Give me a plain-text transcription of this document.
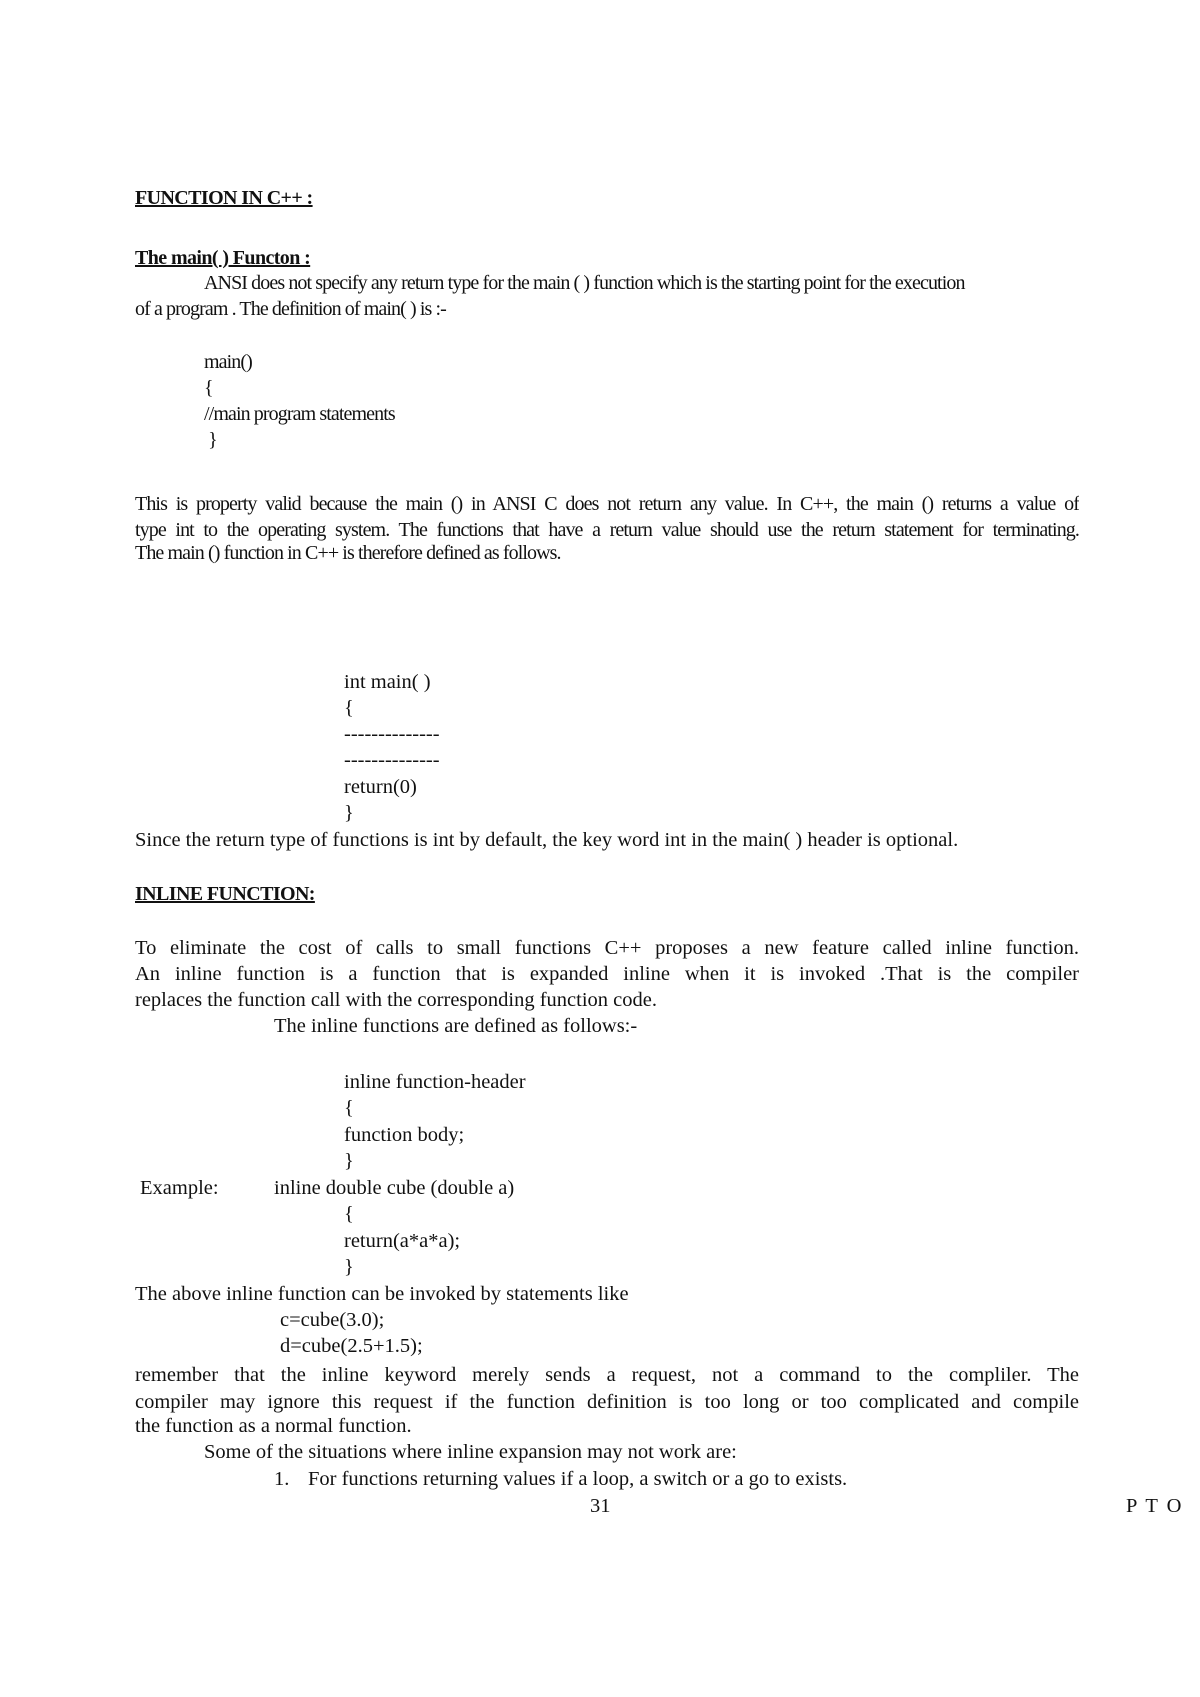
FUNCTION IN C++ :
The main( ) Functon :
ANSI does not specify any return type for the main ( ) function which is the starting point for the execution
of a program . The definition of main( ) is :-
main()
{
//main program statements
}
This is property valid because the main () in ANSI C does not return any value. In C++, the main () returns a value of
type int to the operating system. The functions that have a return value should use the return statement for terminating.
The main () function in C++ is therefore defined as follows.
int main( )
{
--------------
--------------
return(0)
}
Since the return type of functions is int by default, the key word int in the main( ) header is optional.
INLINE FUNCTION:
To eliminate the cost of calls to small functions C++ proposes a new feature called inline function.
An inline function is a function that is expanded inline when it is invoked .That is the compiler
replaces the function call with the corresponding function code.
The inline functions are defined as follows:-
inline function-header
{
function body;
}
Example:	inline double cube (double a)
{
return(a*a*a);
}
The above inline function can be invoked by statements like
c=cube(3.0);
d=cube(2.5+1.5);
remember that the inline keyword merely sends a request, not a command to the compliler. The
compiler may ignore this request if the function definition is too long or too complicated and compile
the function as a normal function.
Some of the situations where inline expansion may not work are:
1. For functions returning values if a loop, a switch or a go to exists.
31	P T O
